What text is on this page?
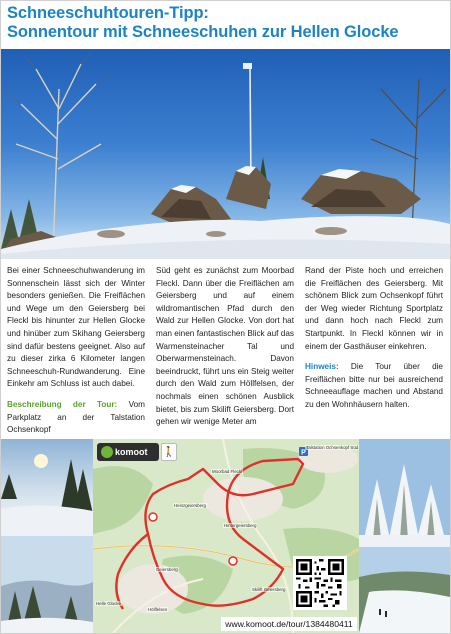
Schneeschuhtouren-Tipp:
Sonnentour mit Schneeschuhen zur Hellen Glocke

Bei einer Schneeschuhwanderung im Sonnenschein lässt sich der Winter besonders genießen. Die Freiflächen und Wege um den Geiersberg bei Fleckl bis hinunter zur Hellen Glocke und hinüber zum Skihang Geiersberg sind dafür bestens geeignet. Also auf zu dieser zirka 6 Kilometer langen Schneeschuh-Rundwanderung. Eine Einkehr am Schluss ist auch dabei.

Beschreibung der Tour: Vom Parkplatz an der Talstation Ochsenkopf

Süd geht es zunächst zum Moorbad Fleckl. Dann über die Freiflächen am Geiersberg und auf einem wildromantischen Pfad durch den Wald zur Hellen Glocke. Von dort hat man einen fantastischen Blick auf das Warmensteinacher Tal und Oberwarmensteinach. Davon beeindruckt, führt uns ein Steig weiter durch den Wald zum Höllfelsen, der nochmals einen schönen Ausblick bietet, bis zum Skilift Geiersberg. Dort gehen wir wenige Meter am

Rand der Piste hoch und erreichen die Freiflächen des Geiersberg. Mit schönem Blick zum Ochsenkopf führt der Weg wieder Richtung Sportplatz und dann hoch nach Fleckl zum Startpunkt. In Fleckl können wir in einem der Gasthäuser einkehren.

Hinweis: Die Tour über die Freiflächen bitte nur bei ausreichend Schneeauflage machen und Abstand zu den Wohnhäusern halten.

P
komoot	🚶
Moorbad Fleckl
Talstation Ochsenkopf Süd
Heinzgeiersberg
Hintergeiersberg
Geiersberg
Skilift Geiersberg
Helle Glocke
Höllfelsen
www.komoot.de/tour/1384480411
